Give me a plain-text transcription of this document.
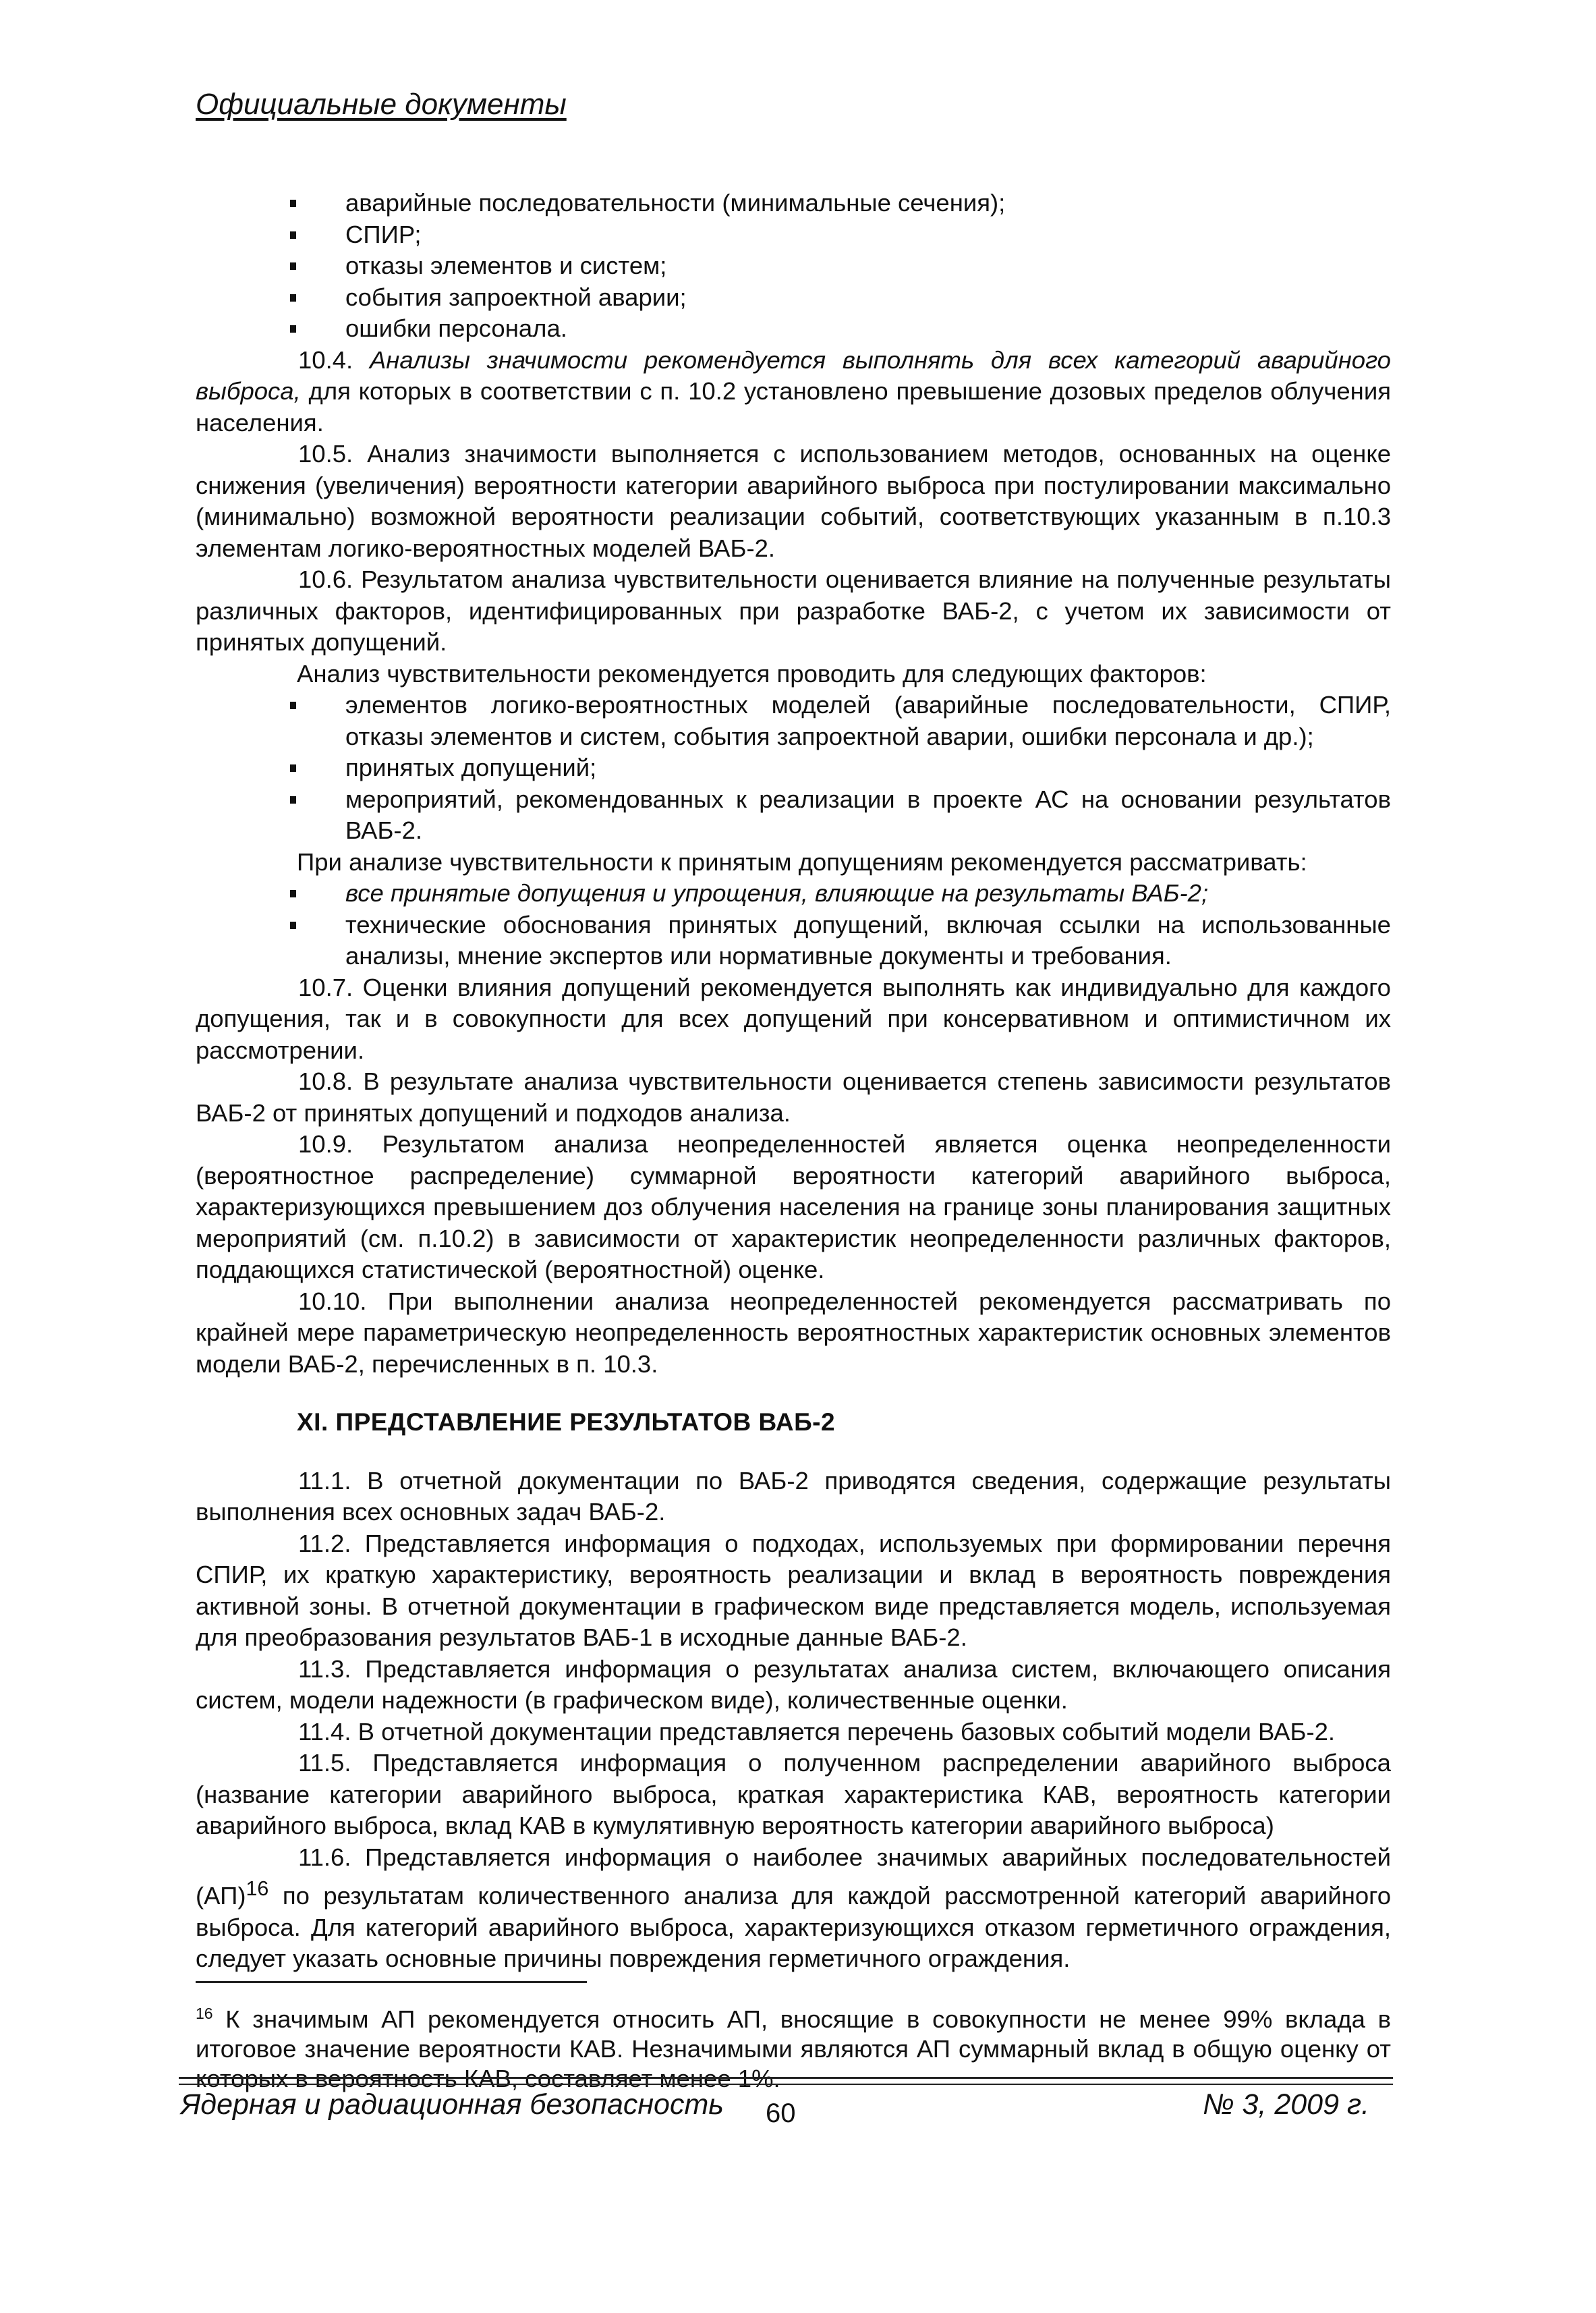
Официальные документы
аварийные последовательности (минимальные сечения);
СПИР;
отказы элементов и систем;
события запроектной аварии;
ошибки персонала.

10.4. Анализы значимости рекомендуется выполнять для всех категорий аварийного выброса, для которых в соответствии с п. 10.2 установлено превышение дозовых пределов облучения населения.

10.5. Анализ значимости выполняется с использованием методов, основанных на оценке снижения (увеличения) вероятности категории аварийного выброса при постулировании максимально (минимально) возможной вероятности реализации событий, соответствующих указанным в п.10.3 элементам логико-вероятностных моделей ВАБ-2.

10.6. Результатом анализа чувствительности оценивается влияние на полученные результаты различных факторов, идентифицированных при разработке ВАБ-2, с учетом их зависимости от принятых допущений.

Анализ чувствительности рекомендуется проводить для следующих факторов:

элементов логико-вероятностных моделей (аварийные последовательности, СПИР, отказы элементов и систем, события запроектной аварии, ошибки персонала и др.);
принятых допущений;
мероприятий, рекомендованных к реализации в проекте АС на основании результатов ВАБ-2.

При анализе чувствительности к принятым допущениям рекомендуется рассматривать:

все принятые допущения и упрощения, влияющие на результаты ВАБ-2;
технические обоснования принятых допущений, включая ссылки на использованные анализы, мнение экспертов или нормативные документы и требования.

10.7. Оценки влияния допущений рекомендуется выполнять как индивидуально для каждого допущения, так и в совокупности для всех допущений при консервативном и оптимистичном их рассмотрении.

10.8. В результате анализа чувствительности оценивается степень зависимости результатов ВАБ-2 от принятых допущений и подходов анализа.

10.9. Результатом анализа неопределенностей является оценка неопределенности (вероятностное распределение) суммарной вероятности категорий аварийного выброса, характеризующихся превышением доз облучения населения на границе зоны планирования защитных мероприятий (см. п.10.2) в зависимости от характеристик неопределенности различных факторов, поддающихся статистической (вероятностной) оценке.

10.10. При выполнении анализа неопределенностей рекомендуется рассматривать по крайней мере параметрическую неопределенность вероятностных характеристик основных элементов модели ВАБ-2, перечисленных в п. 10.3.

XI. ПРЕДСТАВЛЕНИЕ РЕЗУЛЬТАТОВ ВАБ-2

11.1. В отчетной документации по ВАБ-2 приводятся сведения, содержащие результаты выполнения всех основных задач ВАБ-2.

11.2. Представляется информация о подходах, используемых при формировании перечня СПИР, их краткую характеристику, вероятность реализации и вклад в вероятность повреждения активной зоны. В отчетной документации в графическом виде представляется модель, используемая для преобразования результатов ВАБ-1 в исходные данные ВАБ-2.

11.3. Представляется информация о результатах анализа систем, включающего описания систем, модели надежности (в графическом виде), количественные оценки.

11.4. В отчетной документации представляется перечень базовых событий модели ВАБ-2.

11.5. Представляется информация о полученном распределении аварийного выброса (название категории аварийного выброса, краткая характеристика КАВ, вероятность категории аварийного выброса, вклад КАВ в кумулятивную вероятность категории аварийного выброса)

11.6. Представляется информация о наиболее значимых аварийных последовательностей (АП)$^{16}$ по результатам количественного анализа для каждой рассмотренной категорий аварийного выброса. Для категорий аварийного выброса, характеризующихся отказом герметичного ограждения, следует указать основные причины повреждения герметичного ограждения.

$^{16}$ К значимым АП рекомендуется относить АП, вносящие в совокупности не менее 99% вклада в итоговое значение вероятности КАВ. Незначимыми являются АП суммарный вклад в общую оценку от которых в вероятность КАВ, составляет менее 1%.
Ядерная и радиационная безопасность 60	№ 3, 2009 г.
